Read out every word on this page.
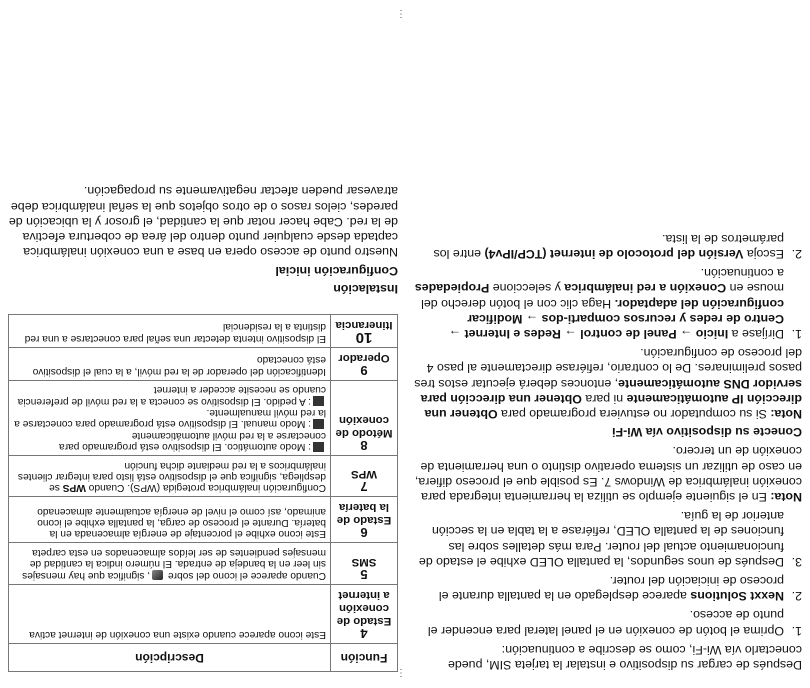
⋮
⋮

Después de cargar su dispositivo e instalar la tarjeta SIM, puede conectarlo vía Wi-Fi, como se describe a continuación:

1.
Oprima el botón de conexión en el panel lateral para encender el punto de acceso.
2.
Nexxt Solutions aparece desplegado en la pantalla durante el proceso de iniciación del router.
3.
Después de unos segundos, la pantalla OLED exhibe el estado de funcionamiento actual del router. Para más detalles sobre las funciones de la pantalla OLED, refiérase a la tabla en la sección anterior de la guía.

Nota: En el siguiente ejemplo se utiliza la herramienta integrada para conexión inalámbrica de Windows 7. Es posible que el proceso difiera, en caso de utilizar un sistema operativo distinto o una herramienta de conexión de un tercero.

Conecte su dispositivo vía Wi-Fi

Nota: Si su computador no estuviera programado para Obtener una dirección IP automáticamente ni para Obtener una dirección para servidor DNS automáticamente, entonces deberá ejecutar estos tres pasos preliminares. De lo contrario, refiérase directamente al paso 4 del proceso de configuración.

1.
Diríjase a Inicio → Panel de control → Redes e Internet → Centro de redes y recursos comparti-dos → Modificar configuración del adaptador. Haga clic con el botón derecho del mouse en Conexión a red inalámbrica y seleccione Propiedades a continuación.
2.
Escoja Versión del protocolo de internet (TCP/IPv4) entre los parámetros de la lista.
Función	Descripción

4
Estado de conexión a internet	Este icono aparece cuando existe una conexión de internet activa

5
SMS	Cuando aparece el icono del sobre , significa que hay mensajes sin leer en la bandeja de entrada. El número indica la cantidad de mensajes pendientes de ser leídos almacenados en esta carpeta

6
Estado de la batería	Este icono exhibe el porcentaje de energía almacenada en la batería. Durante el proceso de carga, la pantalla exhibe el icono animado, así como el nivel de energía actualmente almacenado

7
WPS	Configuración inalámbrica protegida (WPS). Cuando WPS se despliega, significa que el dispositivo está listo para integrar clientes inalámbricos a la red mediante dicha función

8
Método de conexión	: Modo automático. El dispositivo está programado para conectarse a la red móvil automáticamente
: Modo manual. El dispositivo está programado para conectarse a la red móvil manualmente.
: A pedido. El dispositivo se conecta a la red móvil de preferencia cuando se necesite acceder a internet

9
Operador	Identificación del operador de la red móvil, a la cual el dispositivo está conectado

10
Itinerancia	El dispositivo intenta detectar una señal para conectarse a una red distinta a la residencial
Instalación
Configuración inicial

Nuestro punto de acceso opera en base a una conexión inalámbrica captada desde cualquier punto dentro del área de cobertura efectiva de la red. Cabe hacer notar que la cantidad, el grosor y la ubicación de paredes, cielos rasos o de otros objetos que la señal inalámbrica debe atravesar pueden afectar negativamente su propagación.
